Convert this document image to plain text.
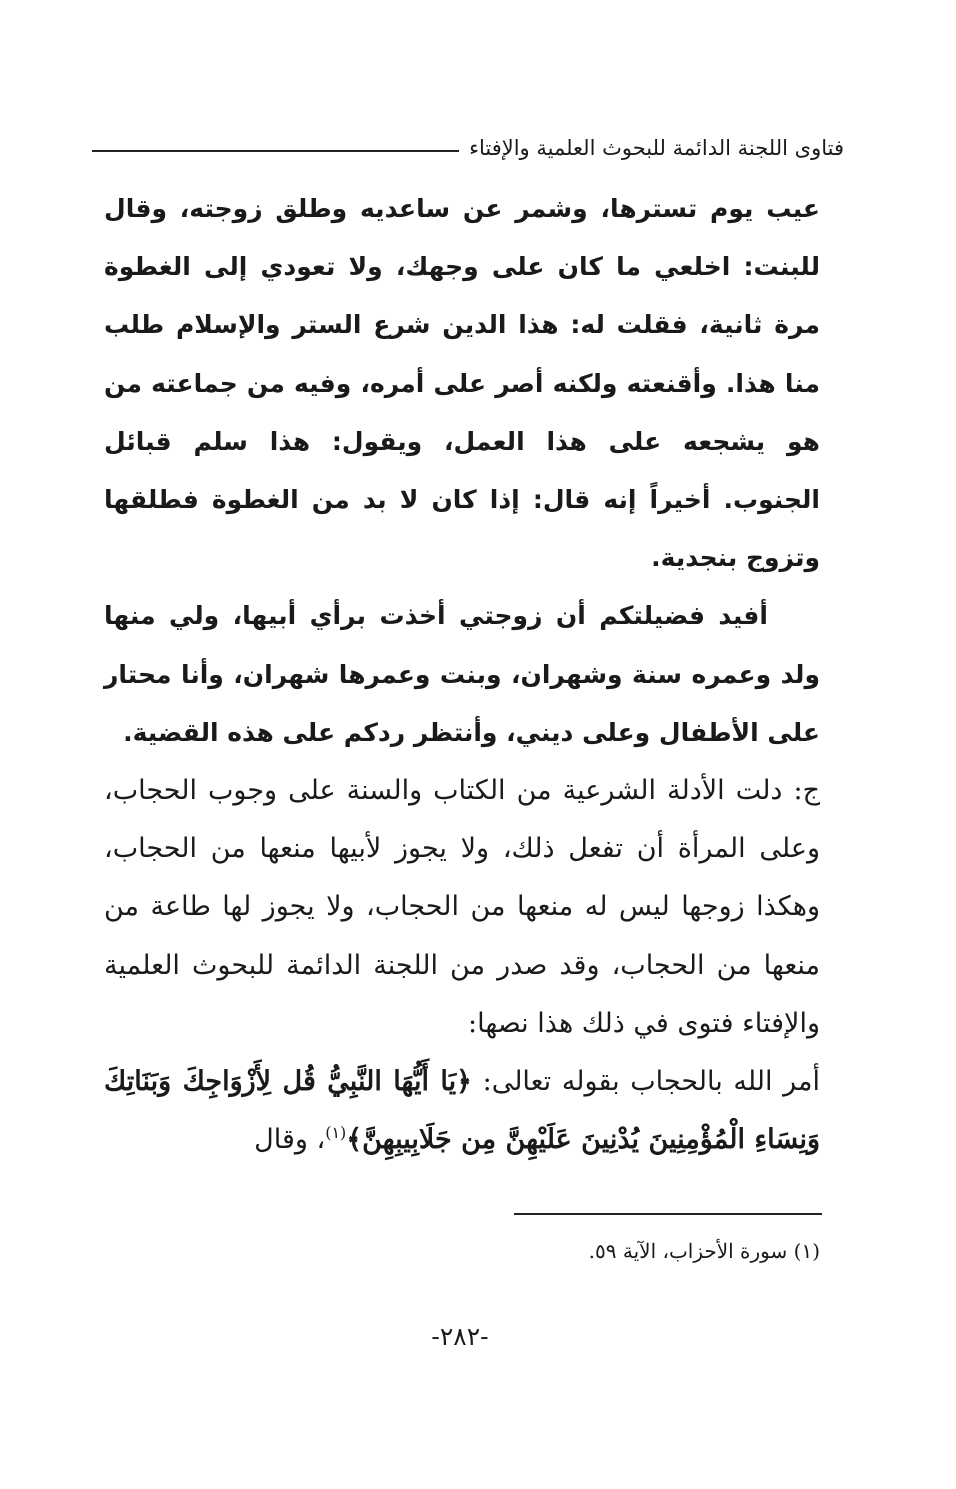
فتاوى اللجنة الدائمة للبحوث العلمية والإفتاء

عيب يوم تسترها، وشمر عن ساعديه وطلق زوجته، وقال للبنت: اخلعي ما كان على وجهك، ولا تعودي إلى الغطوة مرة ثانية، فقلت له: هذا الدين شرع الستر والإسلام طلب منا هذا. وأقنعته ولكنه أصر على أمره، وفيه من جماعته من هو يشجعه على هذا العمل، ويقول: هذا سلم قبائل الجنوب. أخيراً إنه قال: إذا كان لا بد من الغطوة فطلقها وتزوج بنجدية.

أفيد فضيلتكم أن زوجتي أخذت برأي أبيها، ولي منها ولد وعمره سنة وشهران، وبنت وعمرها شهران، وأنا محتار على الأطفال وعلى ديني، وأنتظر ردكم على هذه القضية.

ج: دلت الأدلة الشرعية من الكتاب والسنة على وجوب الحجاب، وعلى المرأة أن تفعل ذلك، ولا يجوز لأبيها منعها من الحجاب، وهكذا زوجها ليس له منعها من الحجاب، ولا يجوز لها طاعة من منعها من الحجاب، وقد صدر من اللجنة الدائمة للبحوث العلمية والإفتاء فتوى في ذلك هذا نصها:

أمر الله بالحجاب بقوله تعالى: ﴿يَا أَيُّهَا النَّبِيُّ قُل لِأَزْوَاجِكَ وَبَنَاتِكَ وَنِسَاءِ الْمُؤْمِنِينَ يُدْنِينَ عَلَيْهِنَّ مِن جَلَابِيبِهِنَّ﴾$^{(١)}$، وقال

(١) سورة الأحزاب، الآية ٥٩.
-٢٨٢-
